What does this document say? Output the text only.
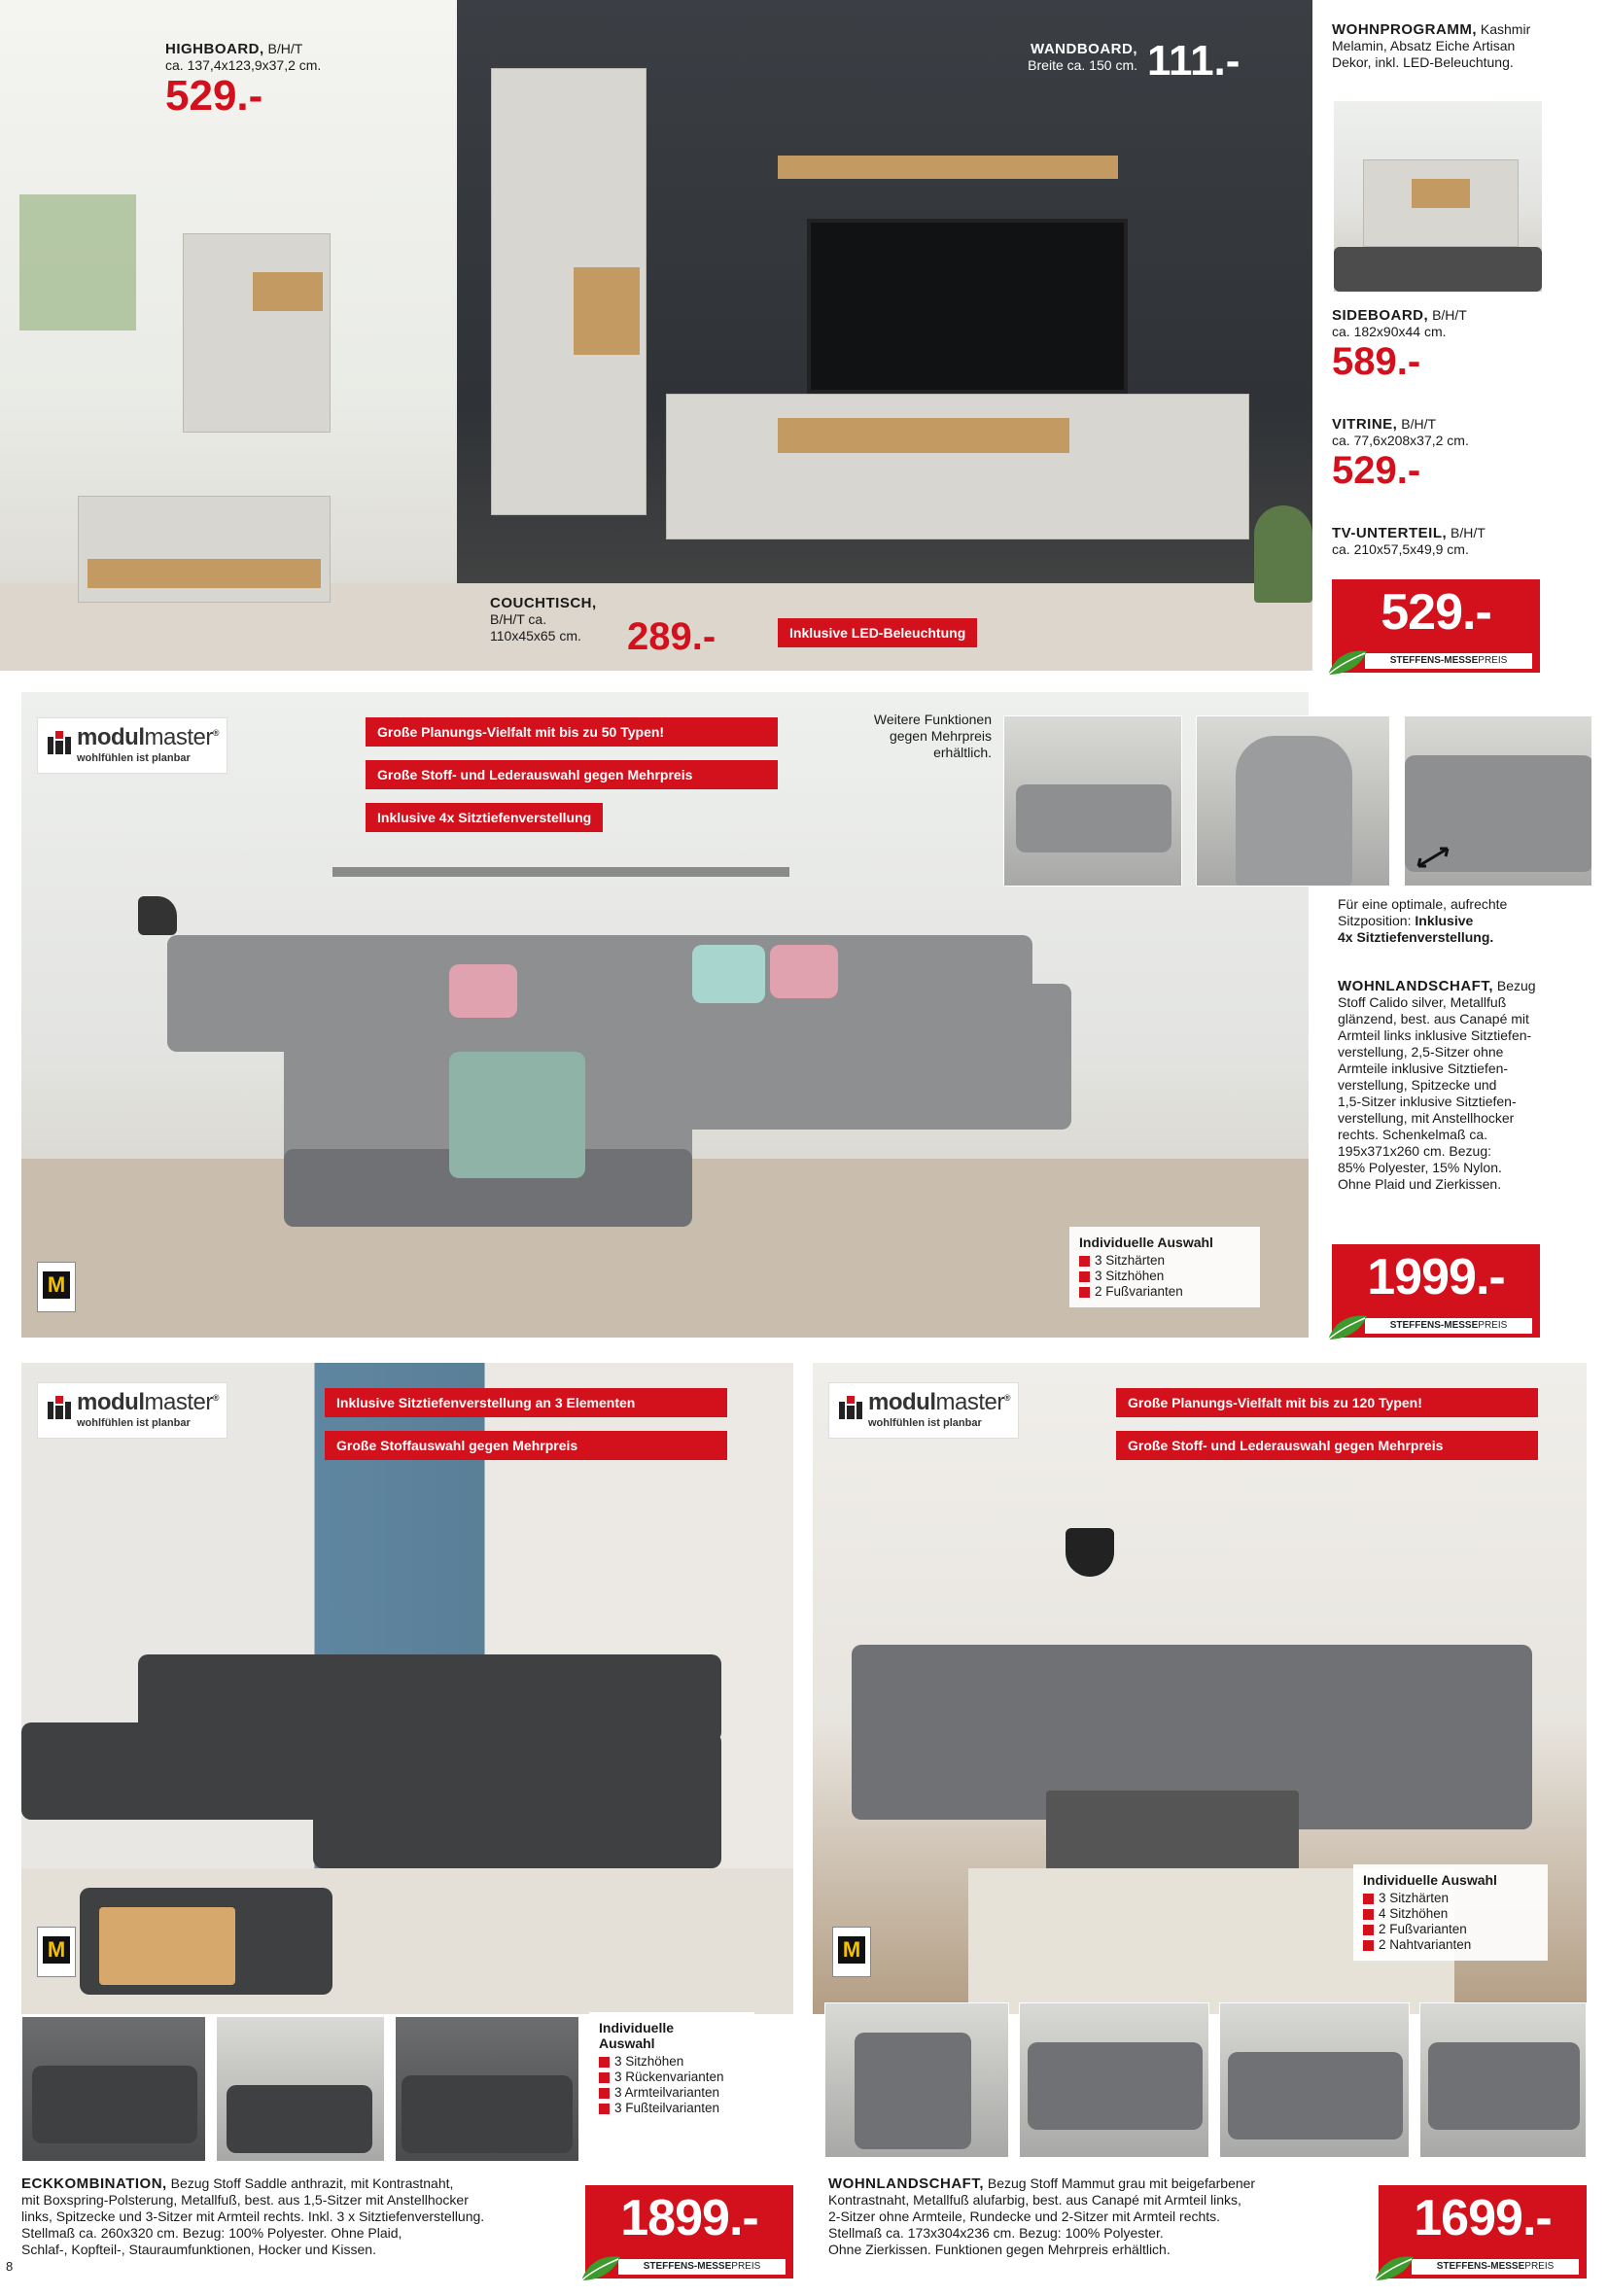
HIGHBOARD, B/H/T
ca. 137,4x123,9x37,2 cm.
529.-
WANDBOARD,
Breite ca. 150 cm. 111.-
COUCHTISCH,
B/H/T ca.
110x45x65 cm.	289.-	Inklusive LED-Beleuchtung
WOHNPROGRAMM, Kashmir
Melamin, Absatz Eiche Artisan
Dekor, inkl. LED-Beleuchtung.
SIDEBOARD, B/H/T
ca. 182x90x44 cm.
589.-
VITRINE, B/H/T
ca. 77,6x208x37,2 cm.
529.-
TV-UNTERTEIL, B/H/T
ca. 210x57,5x49,9 cm.
529.-
STEFFENS-MESSEPREIS
modulmaster®
wohlfühlen ist planbar
Große Planungs-Vielfalt mit bis zu 50 Typen!
Große Stoff- und Lederauswahl gegen Mehrpreis
Inklusive 4x Sitztiefenverstellung
Weitere Funktionen
gegen Mehrpreis
erhältlich.
Für eine optimale, aufrechte
Sitzposition: Inklusive
4x Sitztiefenverstellung.
WOHNLANDSCHAFT, Bezug
Stoff Calido silver, Metallfuß
glänzend, best. aus Canapé mit
Armteil links inklusive Sitztiefen-
verstellung, 2,5-Sitzer ohne
Armteile inklusive Sitztiefen-
verstellung, Spitzecke und
1,5-Sitzer inklusive Sitztiefen-
verstellung, mit Anstellhocker
rechts. Schenkelmaß ca.
195x371x260 cm. Bezug:
85% Polyester, 15% Nylon.
Ohne Plaid und Zierkissen.
M
Individuelle Auswahl
3 Sitzhärten
3 Sitzhöhen
2 Fußvarianten	1999.-
STEFFENS-MESSEPREIS
modulmaster®
wohlfühlen ist planbar
Inklusive Sitztiefenverstellung an 3 Elementen
Große Stoffauswahl gegen Mehrpreis
M
Individuelle
Auswahl
3 Sitzhöhen
3 Rückenvarianten
3 Armteilvarianten
3 Fußteilvarianten
ECKKOMBINATION, Bezug Stoff Saddle anthrazit, mit Kontrastnaht,
mit Boxspring-Polsterung, Metallfuß, best. aus 1,5-Sitzer mit Anstellhocker
links, Spitzecke und 3-Sitzer mit Armteil rechts. Inkl. 3 x Sitztiefenverstellung.
Stellmaß ca. 260x320 cm. Bezug: 100% Polyester. Ohne Plaid,
Schlaf-, Kopfteil-, Stauraumfunktionen, Hocker und Kissen.
8
1899.-
STEFFENS-MESSEPREIS
modulmaster®
wohlfühlen ist planbar
Große Planungs-Vielfalt mit bis zu 120 Typen!
Große Stoff- und Lederauswahl gegen Mehrpreis
M
Individuelle Auswahl
3 Sitzhärten
4 Sitzhöhen
2 Fußvarianten
2 Nahtvarianten
WOHNLANDSCHAFT, Bezug Stoff Mammut grau mit beigefarbener
Kontrastnaht, Metallfuß alufarbig, best. aus Canapé mit Armteil links,
2-Sitzer ohne Armteile, Rundecke und 2-Sitzer mit Armteil rechts.
Stellmaß ca. 173x304x236 cm. Bezug: 100% Polyester.
Ohne Zierkissen. Funktionen gegen Mehrpreis erhältlich.
1699.-
STEFFENS-MESSEPREIS
